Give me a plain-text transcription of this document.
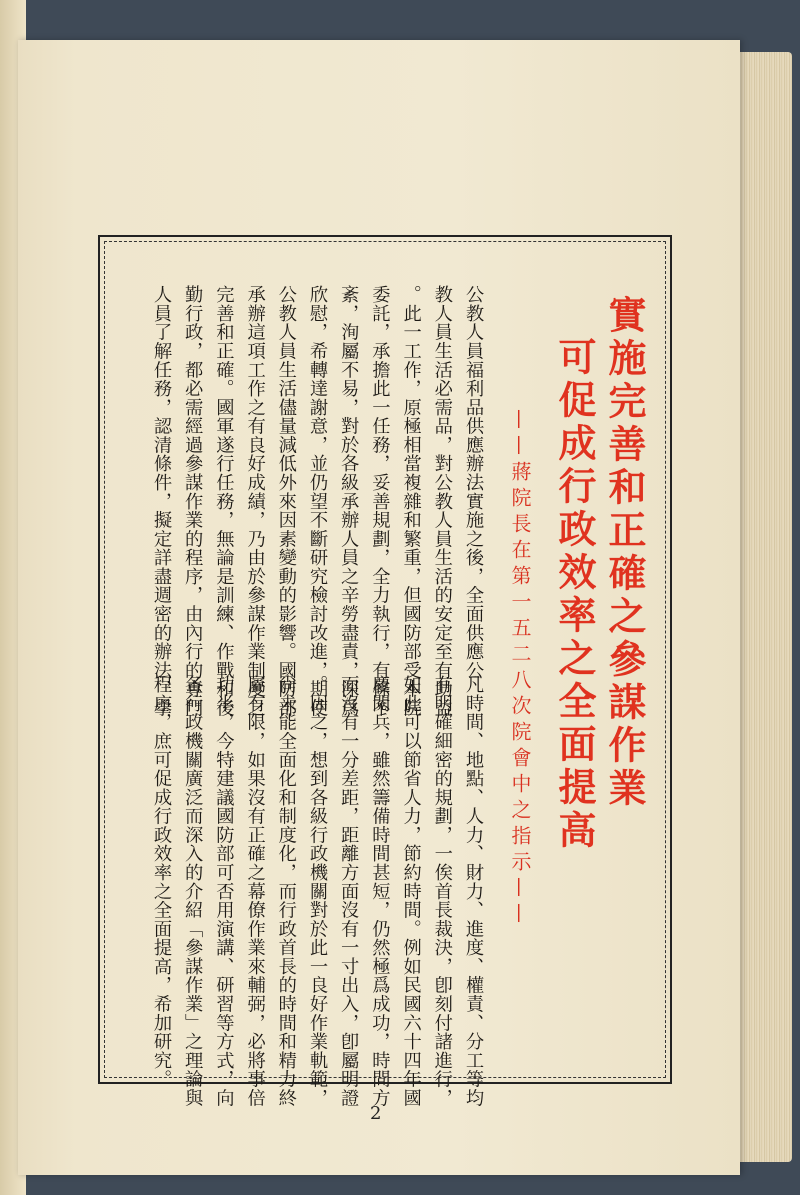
實施完善和正確之參謀作業
可促成行政效率之全面提高
——蔣院長在第一五二八次院會中之指示——
公教人員福利品供應辦法實施之後，全面供應公
教人員生活必需品，對公教人員生活的安定至有助益
。此一工作，原極相當複雜和繁重，但國防部受本院
委託，承擔此一任務，妥善規劃，全力執行，有條不
紊，洵屬不易，對於各級承辦人員之辛勞盡責，深爲
欣慰，希轉達謝意，並仍望不斷研究檢討改進，期使
公教人員生活儘量減低外來因素變動的影響。國防部
承辦這項工作之有良好成績，乃由於參謀作業制度之
完善和正確。國軍遂行任務，無論是訓練、作戰和後
勤行政，都必需經過參謀作業的程序，由內行的專門
人員了解任務，認清條件，擬定詳盡週密的辦法，擧
凡時間、地點、人力、財力、進度、權責、分工等均
有明確細密的規劃，一俟首長裁決，卽刻付諸進行，
如此可以節省人力，節約時間。例如民國六十四年國
慶閱兵，雖然籌備時間甚短，仍然極爲成功，時間方
面沒有一分差距，距離方面沒有一寸出入，卽屬明證
。因之，想到各級行政機關對於此一良好作業軌範，
尙未能全面化和制度化，而行政首長的時間和精力終
屬有限，如果沒有正確之幕僚作業來輔弼，必將事倍
功半，今特建議國防部可否用演講、研習等方式，向
各行政機關廣泛而深入的介紹「參謀作業」之理論與
程序，庶可促成行政效率之全面提高，希加研究。
2
